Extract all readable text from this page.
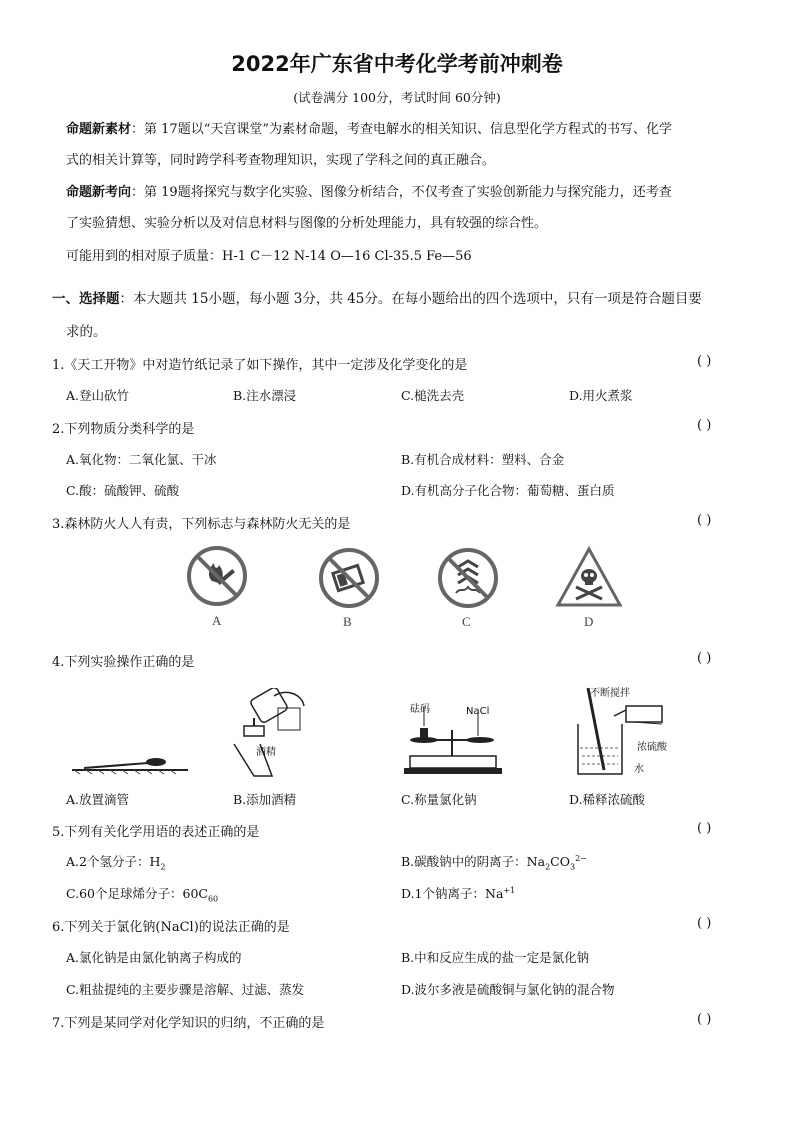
2022年广东省中考化学考前冲刺卷
(试卷满分 100分，考试时间 60分钟)
命题新素材：第 17题以“天宫课堂”为素材命题，考查电解水的相关知识、信息型化学方程式的书写、化学
式的相关计算等，同时跨学科考查物理知识，实现了学科之间的真正融合。
命题新考向：第 19题将探究与数字化实验、图像分析结合，不仅考查了实验创新能力与探究能力，还考查
了实验猜想、实验分析以及对信息材料与图像的分析处理能力，具有较强的综合性。
可能用到的相对原子质量：H-1 C－12 N-14 O—16 Cl-35.5 Fe—56
一、选择题：本大题共 15小题，每小题 3分，共 45分。在每小题给出的四个选项中，只有一项是符合题目要
求的。
1.《天工开物》中对造竹纸记录了如下操作，其中一定涉及化学变化的是	( )
A.登山砍竹	B.注水漂浸	C.槌洗去壳	D.用火煮浆
2.下列物质分类科学的是	( )
A.氧化物：二氧化氯、干冰	B.有机合成材料：塑料、合金
C.酸：硫酸钾、硫酸	D.有机高分子化合物：葡萄糖、蛋白质
3.森林防火人人有责，下列标志与森林防火无关的是	( )
A	B	C	D
4.下列实验操作正确的是	( )
酒精
砝码	NaCl
不断搅拌
浓硫酸
水
A.放置滴管	B.添加酒精	C.称量氯化钠	D.稀释浓硫酸
5.下列有关化学用语的表述正确的是	( )
A.2个氢分子：$H_2$	B.碳酸钠中的阴离子：$Na_2CO_3^{2-}$
C.60个足球烯分子：$60C_{60}$	D.1个钠离子：$Na^{+1}$
6.下列关于氯化钠(NaCl)的说法正确的是	( )
A.氯化钠是由氯化钠离子构成的	B.中和反应生成的盐一定是氯化钠
C.粗盐提纯的主要步骤是溶解、过滤、蒸发	D.波尔多液是硫酸铜与氯化钠的混合物
7.下列是某同学对化学知识的归纳，不正确的是	( )
